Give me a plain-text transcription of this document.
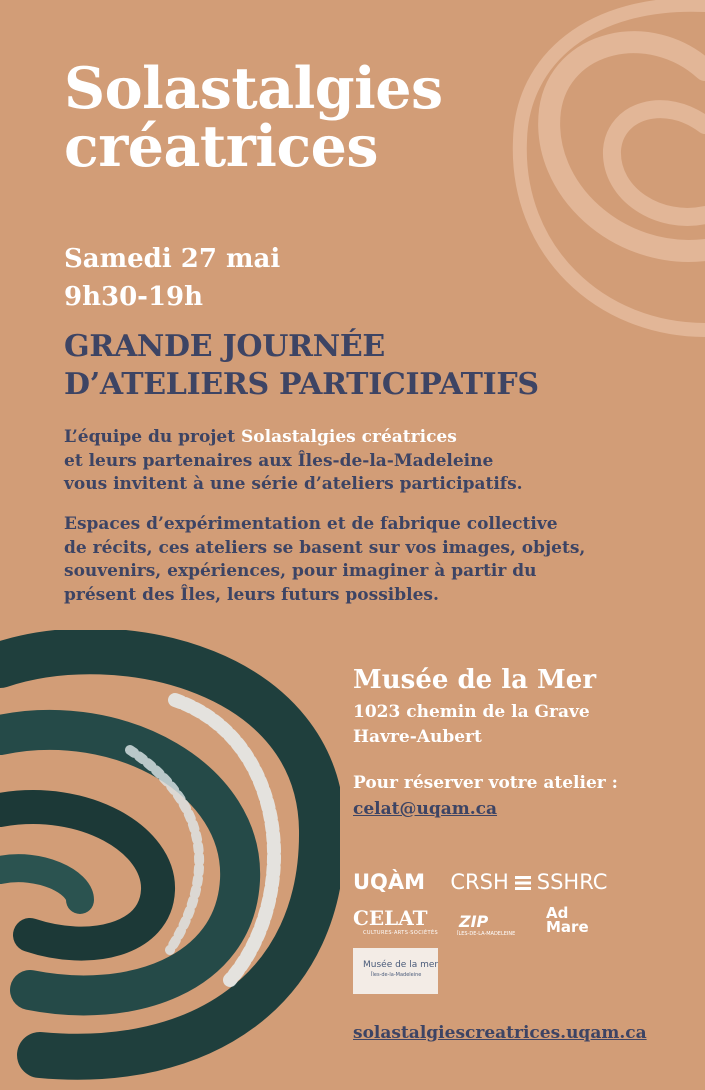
Solastalgies
créatrices
Samedi 27 mai
9h30-19h
GRANDE JOURNÉE
D’ATELIERS PARTICIPATIFS
L’équipe du projet Solastalgies créatrices
et leurs partenaires aux Îles-de-la-Madeleine
vous invitent à une série d’ateliers participatifs.
Espaces d’expérimentation et de fabrique collective
de récits, ces ateliers se basent sur vos images, objets,
souvenirs, expériences, pour imaginer à partir du
présent des Îles, leurs futurs possibles.
Musée de la Mer
1023 chemin de la Grave
Havre-Aubert
Pour réserver votre atelier :
celat@uqam.ca
UQÀM CRSH SSHRC
CELAT
CULTURES·ARTS·SOCIÉTÉS
ZIP
ÎLES-DE-LA-MADELEINE
Ad
Mare
Musée de la mer
Îles-de-la-Madeleine
solastalgiescreatrices.uqam.ca
